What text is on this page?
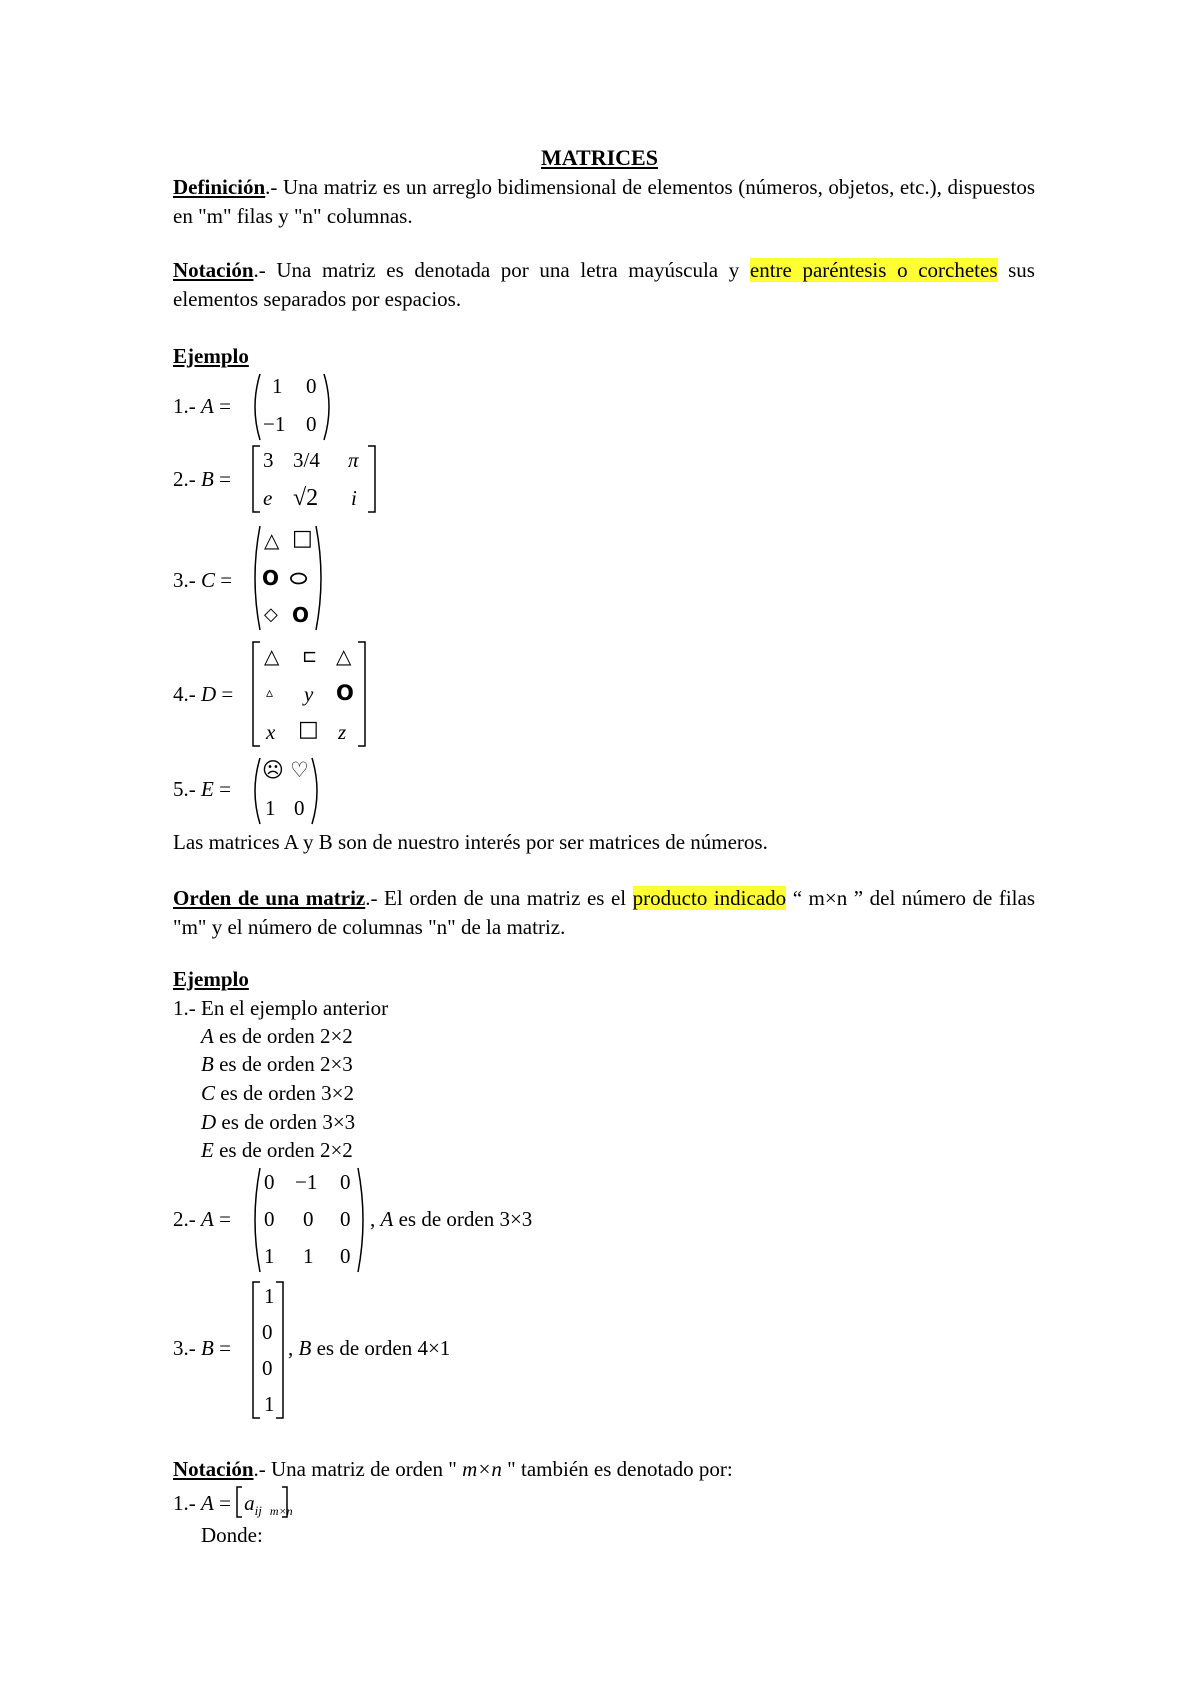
MATRICES
Definición.- Una matriz es un arreglo bidimensional de elementos (números, objetos, etc.), dispuestos en "m" filas y "n" columnas.
Notación.- Una matriz es denotada por una letra mayúscula y entre paréntesis o corchetes sus elementos separados por espacios.
Ejemplo
1.- A =
1 0
−1 0
2.- B =
3 3/4 π
e √2 i
3.- C =
△ □
O ⬭
◇ O
4.- D =
△ ⊏ △
▵ y O
x □ z
5.- E =
☹ ♡
1 0
Las matrices A y B son de nuestro interés por ser matrices de números.
Orden de una matriz.- El orden de una matriz es el producto indicado “ m×n ” del número de filas "m" y el número de columnas "n" de la matriz.
Ejemplo
1.- En el ejemplo anterior
A es de orden 2×2
B es de orden 2×3
C es de orden 3×2
D es de orden 3×3
E es de orden 2×2
2.- A =
0 −1 0
0 0 0
1 1 0
, A es de orden 3×3
3.- B =
1
0
0
1
, B es de orden 4×1
Notación.- Una matriz de orden " m×n " también es denotado por:
1.- A =
$a_{ij}$ $_{m\times n}$
Donde:
